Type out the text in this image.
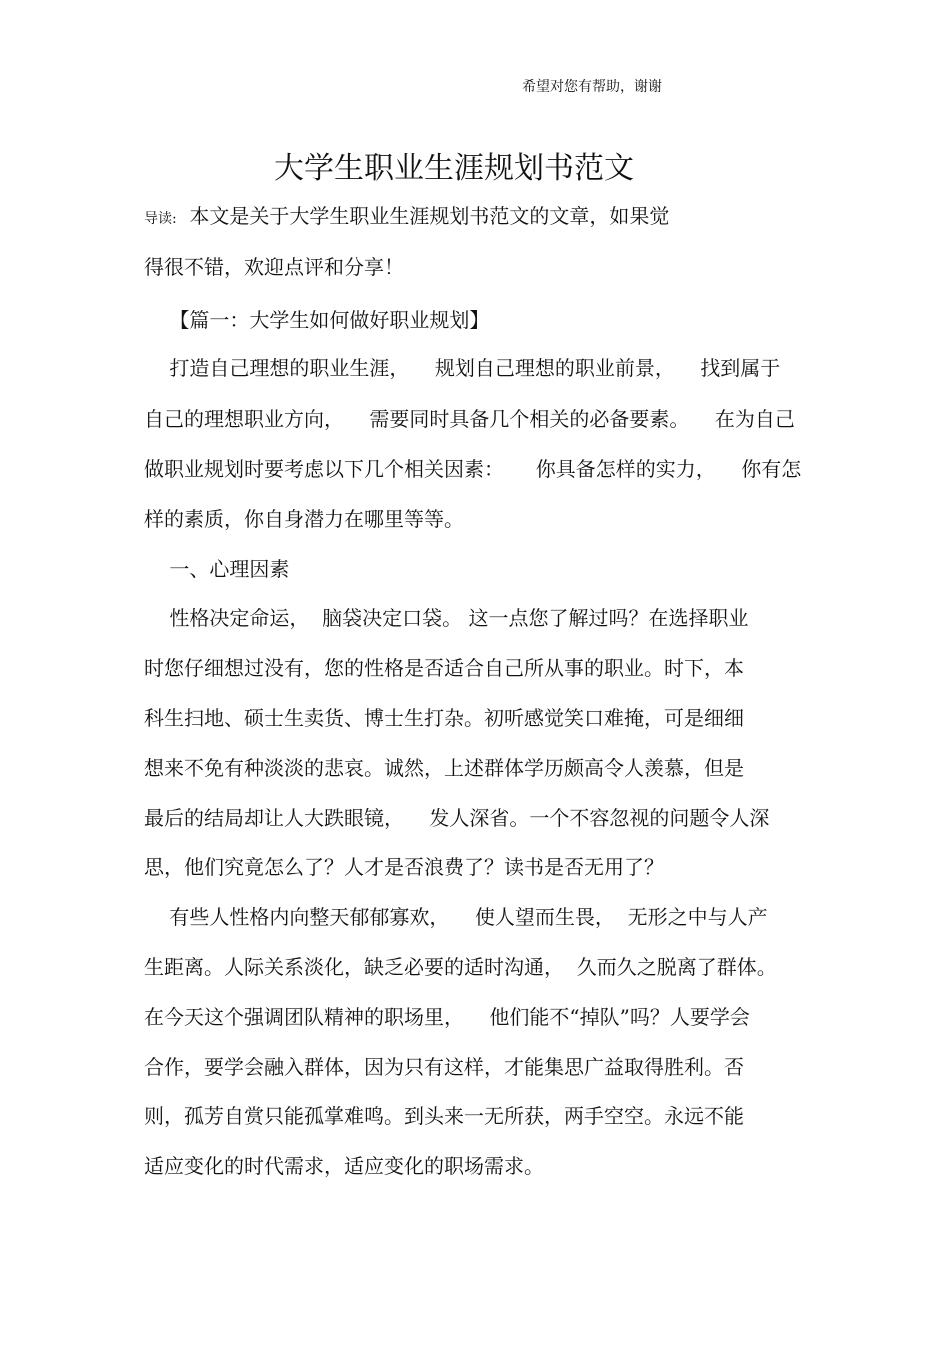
希望对您有帮助，谢谢
大学生职业生涯规划书范文
导读:  本文是关于大学生职业生涯规划书范文的文章，如果觉
得很不错，欢迎点评和分享！
【篇一：大学生如何做好职业规划】
打造自己理想的职业生涯，    规划自己理想的职业前景，    找到属于
自己的理想职业方向，    需要同时具备几个相关的必备要素。    在为自己
做职业规划时要考虑以下几个相关因素：     你具备怎样的实力，    你有怎
样的素质，你自身潜力在哪里等等。
一、心理因素
性格决定命运，  脑袋决定口袋。 这一点您了解过吗？在选择职业
时您仔细想过没有，您的性格是否适合自己所从事的职业。时下，本
科生扫地、硕士生卖货、博士生打杂。初听感觉笑口难掩，可是细细
想来不免有种淡淡的悲哀。诚然，上述群体学历颇高令人羡慕，但是
最后的结局却让人大跌眼镜，    发人深省。一个不容忽视的问题令人深
思，他们究竟怎么了？人才是否浪费了？读书是否无用了？
有些人性格内向整天郁郁寡欢，    使人望而生畏，  无形之中与人产
生距离。人际关系淡化，缺乏必要的适时沟通，  久而久之脱离了群体。
在今天这个强调团队精神的职场里，    他们能不“掉队”吗？人要学会
合作，要学会融入群体，因为只有这样，才能集思广益取得胜利。否
则，孤芳自赏只能孤掌难鸣。到头来一无所获，两手空空。永远不能
适应变化的时代需求，适应变化的职场需求。
